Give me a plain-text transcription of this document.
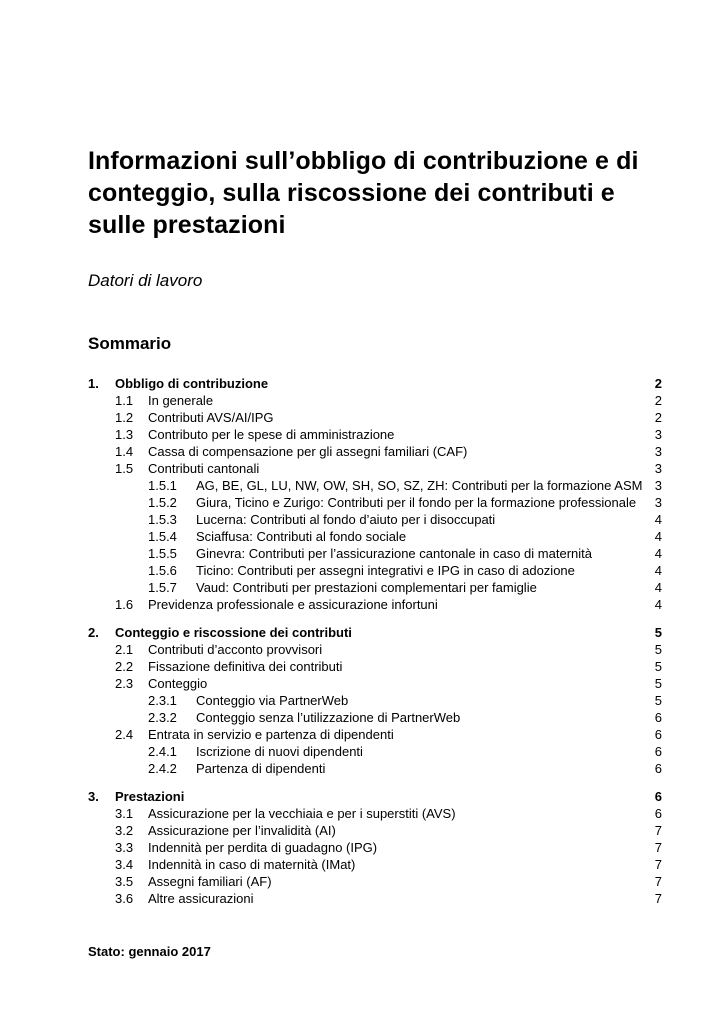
Informazioni sull’obbligo di contribuzione e di conteggio, sulla riscossione dei contributi e sulle prestazioni
Datori di lavoro
Sommario
1.	Obbligo di contribuzione	2
1.1	In generale	2
1.2	Contributi AVS/AI/IPG	2
1.3	Contributo per le spese di amministrazione	3
1.4	Cassa di compensazione per gli assegni familiari (CAF)	3
1.5	Contributi cantonali	3
1.5.1	AG, BE, GL, LU, NW, OW, SH, SO, SZ, ZH: Contributi per la formazione ASM 3
1.5.2	Giura, Ticino e Zurigo: Contributi per il fondo per la formazione professionale	3
1.5.3	Lucerna: Contributi al fondo d’aiuto per i disoccupati	4
1.5.4	Sciaffusa: Contributi al fondo sociale	4
1.5.5	Ginevra: Contributi per l’assicurazione cantonale in caso di maternità	4
1.5.6	Ticino: Contributi per assegni integrativi e IPG in caso di adozione	4
1.5.7	Vaud: Contributi per prestazioni complementari per famiglie	4
1.6	Previdenza professionale e assicurazione infortuni	4
2.	Conteggio e riscossione dei contributi	5
2.1	Contributi d’acconto provvisori	5
2.2	Fissazione definitiva dei contributi	5
2.3	Conteggio	5
2.3.1	Conteggio via PartnerWeb	5
2.3.2	Conteggio senza l’utilizzazione di PartnerWeb	6
2.4	Entrata in servizio e partenza di dipendenti	6
2.4.1	Iscrizione di nuovi dipendenti	6
2.4.2	Partenza di dipendenti	6
3.	Prestazioni	6
3.1	Assicurazione per la vecchiaia e per i superstiti (AVS)	6
3.2	Assicurazione per l’invalidità (AI)	7
3.3	Indennità per perdita di guadagno (IPG)	7
3.4	Indennità in caso di maternità (IMat)	7
3.5	Assegni familiari (AF)	7
3.6	Altre assicurazioni	7
Stato: gennaio 2017
